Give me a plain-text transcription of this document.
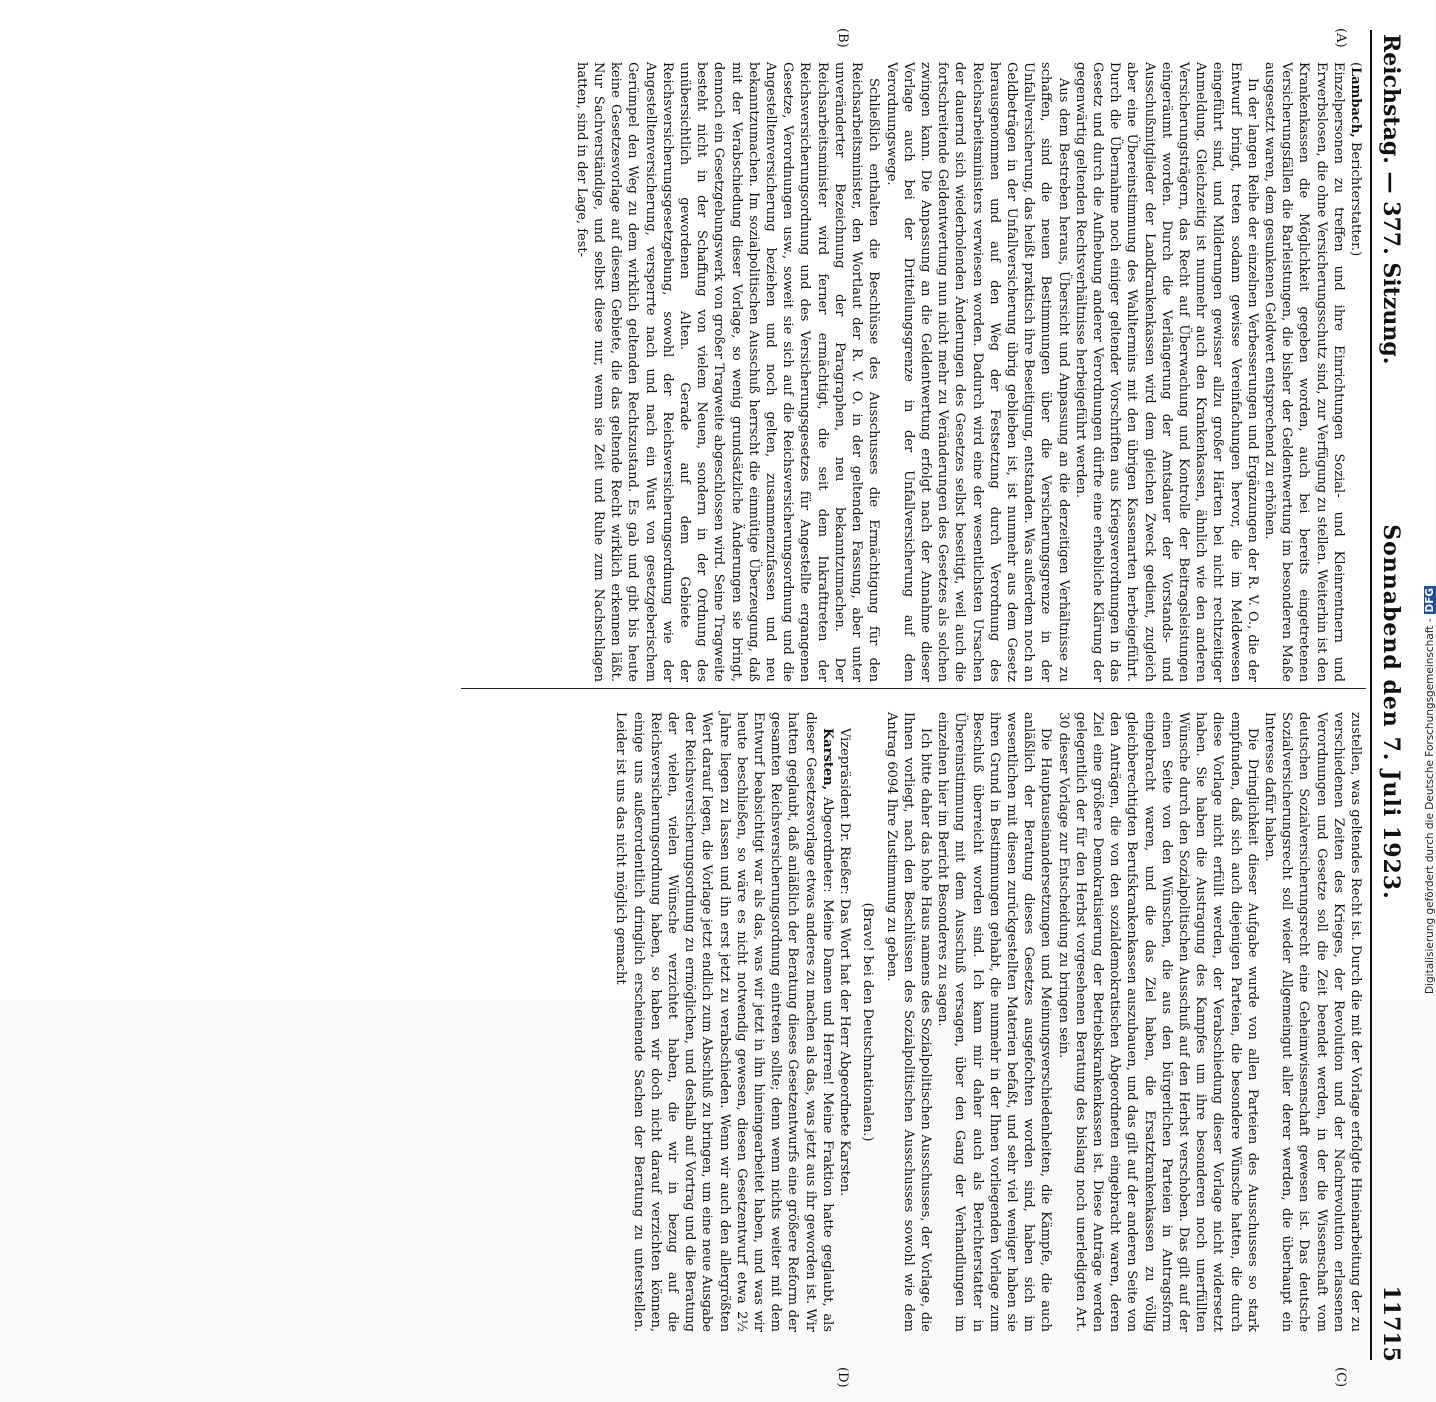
Reichstag. — 377. Sitzung.
Sonnabend den 7. Juli 1923.
11715
(A)
(B)
(C)
(D)

(Lambach, Berichterstatter.)

Einzelpersonen zu treffen und ihre Einrichtungen Sozial- und Kleinrentnern und Erwerbslosen, die ohne Versicherungsschutz sind, zur Verfügung zu stellen. Weiterhin ist den Krankenkassen die Möglichkeit gegeben worden, auch bei bereits eingetretenen Versicherungsfällen die Barleistungen, die bisher der Geldentwertung im besonderen Maße ausgesetzt waren, dem gesunkenen Geldwert entsprechend zu erhöhen.

In der langen Reihe der einzelnen Verbesserungen und Ergänzungen der R. V. O., die der Entwurf bringt, treten sodann gewisse Vereinfachungen hervor, die im Meldewesen eingeführt sind, und Milderungen gewisser allzu großer Härten bei nicht rechtzeitiger Anmeldung. Gleichzeitig ist nunmehr auch den Krankenkassen, ähnlich wie den anderen Versicherungsträgern, das Recht auf Überwachung und Kontrolle der Beitragsleistungen eingeräumt worden. Durch die Verlängerung der Amtsdauer der Vorstands- und Ausschußmitglieder der Landkrankenkassen wird dem gleichen Zweck gedient, zugleich aber eine Übereinstimmung des Wahltermins mit den übrigen Kassenarten herbeigeführt. Durch die Übernahme noch einiger geltender Vorschriften aus Kriegsverordnungen in das Gesetz und durch die Aufhebung anderer Verordnungen dürfte eine erhebliche Klärung der gegenwärtig geltenden Rechtsverhältnisse herbeigeführt werden.

Aus dem Bestreben heraus, Übersicht und Anpassung an die derzeitigen Verhältnisse zu schaffen, sind die neuen Bestimmungen über die Versicherungsgrenze in der Unfallversicherung, das heißt praktisch ihre Beseitigung, entstanden. Was außerdem noch an Geldbeträgen in der Unfallversicherung übrig geblieben ist, ist nunmehr aus dem Gesetz herausgenommen und auf den Weg der Festsetzung durch Verordnung des Reichsarbeitsministers verwiesen worden. Dadurch wird eine der wesentlichsten Ursachen der dauernd sich wiederholenden Änderungen des Gesetzes selbst beseitigt, weil auch die fortschreitende Geldentwertung nun nicht mehr zu Veränderungen des Gesetzes als solchen zwingen kann. Die Anpassung an die Geldentwertung erfolgt nach der Annahme dieser Vorlage auch bei der Dritteilungsgrenze in der Unfallversicherung auf dem Verordnungswege.

Schließlich enthalten die Beschlüsse des Ausschusses die Ermächtigung für den Reichsarbeitsminister, den Wortlaut der R. V. O. in der geltenden Fassung, aber unter unveränderter Bezeichnung der Paragraphen, neu bekanntzumachen. Der Reichsarbeitsminister wird ferner ermächtigt, die seit dem Inkrafttreten der Reichsversicherungsordnung und des Versicherungsgesetzes für Angestellte ergangenen Gesetze, Verordnungen usw., soweit sie sich auf die Reichsversicherungsordnung und die Angestelltenversicherung beziehen und noch gelten, zusammenzufassen und neu bekanntzumachen. Im sozialpolitischen Ausschuß herrscht die einmütige Überzeugung, daß mit der Verabschiedung dieser Vorlage, so wenig grundsätzliche Änderungen sie bringt, dennoch ein Gesetzgebungswerk von großer Tragweite abgeschlossen wird. Seine Tragweite besteht nicht in der Schaffung von vielem Neuen, sondern in der Ordnung des unübersichtlich gewordenen Alten. Gerade auf dem Gebiete der Reichsversicherungsgesetzgebung, sowohl der Reichsversicherungsordnung wie der Angestelltenversicherung, versperrte nach und nach ein Wust von gesetzgeberischem Gerümpel den Weg zu dem wirklich geltenden Rechtszustand. Es gab und gibt bis heute keine Gesetzesvorlage auf diesem Gebiete, die das geltende Recht wirklich erkennen läßt. Nur Sachverständige, und selbst diese nur, wenn sie Zeit und Ruhe zum Nachschlagen hatten, sind in der Lage, fest-

zustellen, was geltendes Recht ist. Durch die mit der Vorlage erfolgte Hineinarbeitung der zu verschiedenen Zeiten des Krieges, der Revolution und der Nachrevolution erlassenen Verordnungen und Gesetze soll die Zeit beendet werden, in der die Wissenschaft vom deutschen Sozialversicherungsrecht eine Geheimwissenschaft gewesen ist. Das deutsche Sozialversicherungsrecht soll wieder Allgemeingut aller derer werden, die überhaupt ein Interesse dafür haben.

Die Dringlichkeit dieser Aufgabe wurde von allen Parteien des Ausschusses so stark empfunden, daß sich auch diejenigen Parteien, die besondere Wünsche hatten, die durch diese Vorlage nicht erfüllt werden, der Verabschiedung dieser Vorlage nicht widersetzt haben. Sie haben die Austragung des Kampfes um ihre besonderen noch unerfüllten Wünsche durch den Sozialpolitischen Ausschuß auf den Herbst verschoben. Das gilt auf der einen Seite von den Wünschen, die aus den bürgerlichen Parteien in Antragsform eingebracht waren, und die das Ziel haben, die Ersatzkrankenkassen zu völlig gleichberechtigten Berufskrankenkassen auszubauen, und das gilt auf der anderen Seite von den Anträgen, die von den sozialdemokratischen Abgeordneten eingebracht waren, deren Ziel eine größere Demokratisierung der Betriebskrankenkassen ist. Diese Anträge werden gelegentlich der für den Herbst vorgesehenen Beratung des bislang noch unerledigten Art. 30 dieser Vorlage zur Entscheidung zu bringen sein.

Die Hauptauseinandersetzungen und Meinungsverschiedenheiten, die Kämpfe, die auch anläßlich der Beratung dieses Gesetzes ausgefochten worden sind, haben sich im wesentlichen mit diesen zurückgestellten Materien befaßt, und sehr viel weniger haben sie ihren Grund in Bestimmungen gehabt, die nunmehr in der Ihnen vorliegenden Vorlage zum Beschluß überreicht worden sind. Ich kann mir daher auch als Berichterstatter in Übereinstimmung mit dem Ausschuß versagen, über den Gang der Verhandlungen im einzelnen hier im Bericht Besonderes zu sagen.

Ich bitte daher das hohe Haus namens des Sozialpolitischen Ausschusses, der Vorlage, die Ihnen vorliegt, nach den Beschlüssen des Sozialpolitischen Ausschusses sowohl wie dem Antrag 6094 Ihre Zustimmung zu geben.

(Bravo! bei den Deutschnationalen.)

Vizepräsident Dr. Rießer: Das Wort hat der Herr Abgeordnete Karsten.

Karsten, Abgeordneter: Meine Damen und Herren! Meine Fraktion hatte geglaubt, als dieser Gesetzesvorlage etwas anderes zu machen als das, was jetzt aus ihr geworden ist. Wir hatten geglaubt, daß anläßlich der Beratung dieses Gesetzentwurfs eine größere Reform der gesamten Reichsversicherungsordnung eintreten sollte; denn wenn nichts weiter mit dem Entwurf beabsichtigt war als das, was wir jetzt in ihn hineingearbeitet haben, und was wir heute beschließen, so wäre es nicht notwendig gewesen, diesen Gesetzentwurf etwa 2½ Jahre liegen zu lassen und ihn erst jetzt zu verabschieden. Wenn wir auch den allergrößten Wert darauf legen, die Vorlage jetzt endlich zum Abschluß zu bringen, um eine neue Ausgabe der Reichsversicherungsordnung zu ermöglichen, und deshalb auf Vortrag und die Beratung der vielen, vielen Wünsche verzichtet haben, die wir in bezug auf die Reichsversicherungsordnung haben, so haben wir doch nicht darauf verzichten können, einige uns außerordentlich dringlich erscheinende Sachen der Beratung zu unterstellen. Leider ist uns das nicht möglich gemacht	Digitalisierung gefördert durch die Deutsche Forschungsgemeinschaft -DFG
